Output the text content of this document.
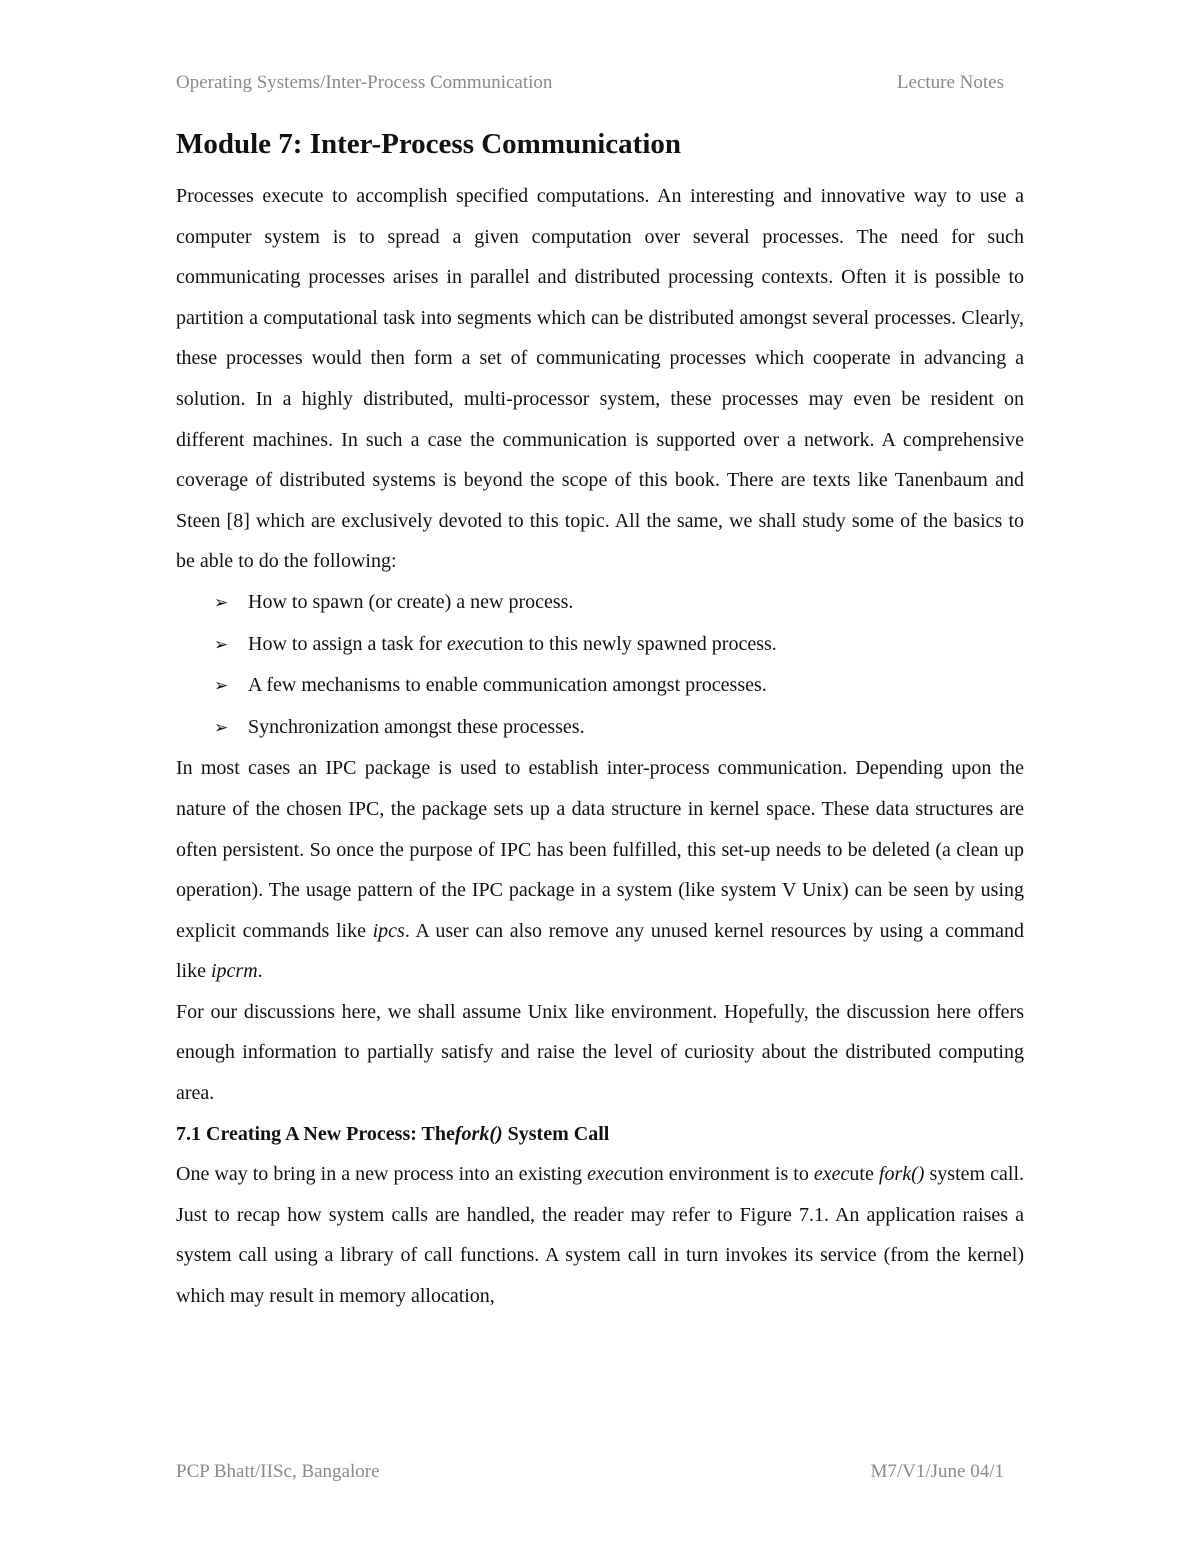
Operating Systems/Inter-Process Communication	Lecture Notes
Module 7: Inter-Process Communication

Processes execute to accomplish specified computations. An interesting and innovative way to use a computer system is to spread a given computation over several processes. The need for such communicating processes arises in parallel and distributed processing contexts. Often it is possible to partition a computational task into segments which can be distributed amongst several processes. Clearly, these processes would then form a set of communicating processes which cooperate in advancing a solution. In a highly distributed, multi-processor system, these processes may even be resident on different machines. In such a case the communication is supported over a network. A comprehensive coverage of distributed systems is beyond the scope of this book. There are texts like Tanenbaum and Steen [8] which are exclusively devoted to this topic. All the same, we shall study some of the basics to be able to do the following:

➢ How to spawn (or create) a new process.
➢ How to assign a task for execution to this newly spawned process.
➢ A few mechanisms to enable communication amongst processes.
➢ Synchronization amongst these processes.

In most cases an IPC package is used to establish inter-process communication. Depending upon the nature of the chosen IPC, the package sets up a data structure in kernel space. These data structures are often persistent. So once the purpose of IPC has been fulfilled, this set-up needs to be deleted (a clean up operation). The usage pattern of the IPC package in a system (like system V Unix) can be seen by using explicit commands like ipcs. A user can also remove any unused kernel resources by using a command like ipcrm.

For our discussions here, we shall assume Unix like environment. Hopefully, the discussion here offers enough information to partially satisfy and raise the level of curiosity about the distributed computing area.

7.1 Creating A New Process: Thefork() System Call

One way to bring in a new process into an existing execution environment is to execute fork() system call. Just to recap how system calls are handled, the reader may refer to Figure 7.1. An application raises a system call using a library of call functions. A system call in turn invokes its service (from the kernel) which may result in memory allocation,

PCP Bhatt/IISc, Bangalore	M7/V1/June 04/1
